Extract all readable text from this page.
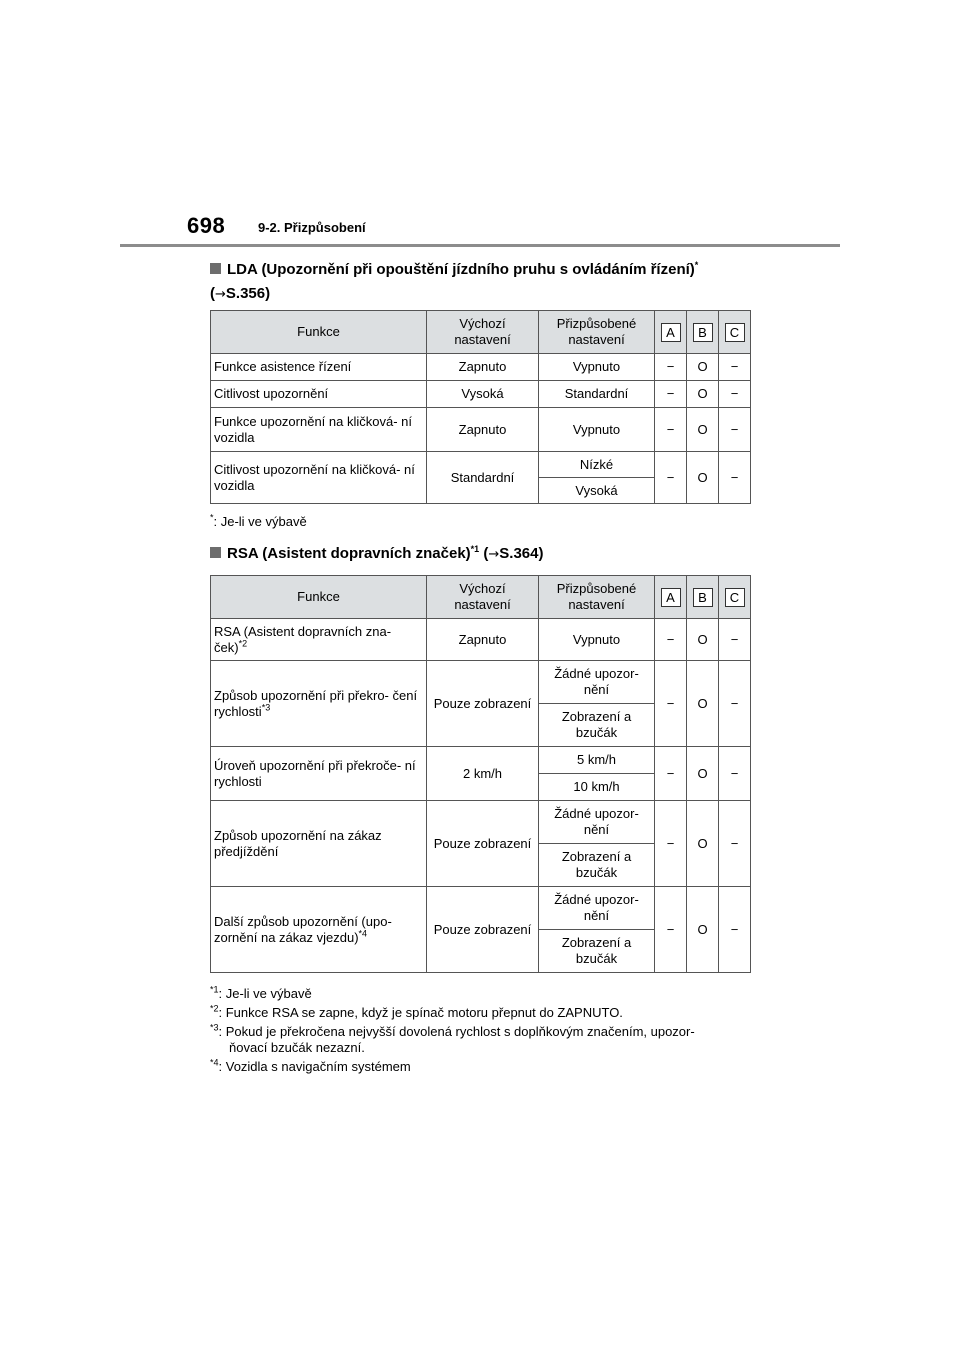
698	9-2. Přizpůsobení
LDA (Upozornění při opouštění jízdního pruhu s ovládáním řízení)*
(→S.356)
Funkce	Výchozí nastavení	Přizpůsobené nastavení	A	B	C
Funkce asistence řízení	Zapnuto	Vypnuto	−	O	−
Citlivost upozornění	Vysoká	Standardní	−	O	−
Funkce upozornění na kličková- ní vozidla	Zapnuto	Vypnuto	−	O	−
Citlivost upozornění na kličková- ní vozidla	Standardní	Nízké	−	O	−
		Vysoká			
*: Je-li ve výbavě
RSA (Asistent dopravních značek)$^{*1}$ (→S.364)
Funkce	Výchozí nastavení	Přizpůsobené nastavení	A	B	C
RSA (Asistent dopravních zna- ček)$^{*2}$	Zapnuto	Vypnuto	−	O	−
Způsob upozornění při překro- čení rychlosti$^{*3}$	Pouze zobrazení	Žádné upozor- nění	−	O	−
		Zobrazení a bzučák			
Úroveň upozornění při překroče- ní rychlosti	2 km/h	5 km/h	−	O	−
		10 km/h			
Způsob upozornění na zákaz předjíždění	Pouze zobrazení	Žádné upozor- nění	−	O	−
		Zobrazení a bzučák			
Další způsob upozornění (upo- zornění na zákaz vjezdu)$^{*4}$	Pouze zobrazení	Žádné upozor- nění	−	O	−
		Zobrazení a bzučák			
$^{*1}$: Je-li ve výbavě
$^{*2}$: Funkce RSA se zapne, když je spínač motoru přepnut do ZAPNUTO.
$^{*3}$: Pokud je překročena nejvyšší dovolená rychlost s doplňkovým značením, upozor-
ňovací bzučák nezazní.
$^{*4}$: Vozidla s navigačním systémem
